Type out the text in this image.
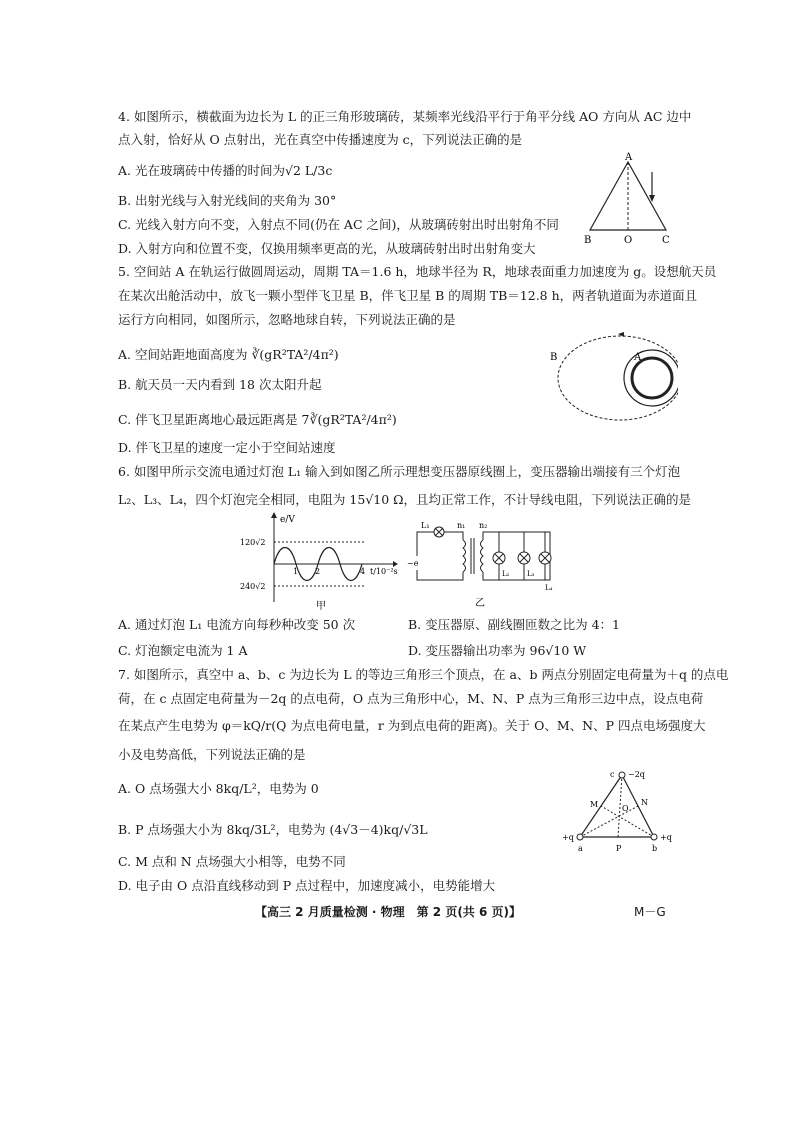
4. 如图所示，横截面为边长为 L 的正三角形玻璃砖，某频率光线沿平行于角平分线 AO 方向从 AC 边中
点入射，恰好从 O 点射出，光在真空中传播速度为 c，下列说法正确的是
A. 光在玻璃砖中传播的时间为√2 L/3c
B. 出射光线与入射光线间的夹角为 30°
C. 光线入射方向不变，入射点不同(仍在 AC 之间)，从玻璃砖射出时出射角不同
D. 入射方向和位置不变，仅换用频率更高的光，从玻璃砖射出时出射角变大
A
B	O	C
5. 空间站 A 在轨运行做圆周运动，周期 TA＝1.6 h，地球半径为 R，地球表面重力加速度为 g。设想航天员
在某次出舱活动中，放飞一颗小型伴飞卫星 B，伴飞卫星 B 的周期 TB＝12.8 h，两者轨道面为赤道面且
运行方向相同，如图所示，忽略地球自转，下列说法正确的是
A. 空间站距地面高度为 ∛(gR²TA²/4π²)
B. 航天员一天内看到 18 次太阳升起
C. 伴飞卫星距离地心最远距离是 7∛(gR²TA²/4π²)
D. 伴飞卫星的速度一定小于空间站速度
B	A
6. 如图甲所示交流电通过灯泡 L₁ 输入到如图乙所示理想变压器原线圈上，变压器输出端接有三个灯泡
L₂、L₃、L₄，四个灯泡完全相同，电阻为 15√10 Ω，且均正常工作，不计导线电阻，下列说法正确的是
e/V
120√2
240√2
1 2	4 t/10⁻²s
甲
L₁	n₁ n₂
~e
L₂	L₃
L₄
乙
A. 通过灯泡 L₁ 电流方向每秒种改变 50 次	B. 变压器原、副线圈匝数之比为 4：1
C. 灯泡额定电流为 1 A	D. 变压器输出功率为 96√10 W
7. 如图所示，真空中 a、b、c 为边长为 L 的等边三角形三个顶点，在 a、b 两点分别固定电荷量为＋q 的点电
荷，在 c 点固定电荷量为－2q 的点电荷，O 点为三角形中心，M、N、P 点为三角形三边中点，设点电荷
在某点产生电势为 φ＝kQ/r(Q 为点电荷电量，r 为到点电荷的距离)。关于 O、M、N、P 四点电场强度大
小及电势高低，下列说法正确的是
A. O 点场强大小 8kq/L²，电势为 0
B. P 点场强大小为 8kq/3L²，电势为 (4√3－4)kq/√3L
C. M 点和 N 点场强大小相等，电势不同
D. 电子由 O 点沿直线移动到 P 点过程中，加速度减小，电势能增大
c −2q
M	N
O
+q
a	P	b
+q
【高三 2 月质量检测 · 物理　第 2 页(共 6 页)】	M－G
